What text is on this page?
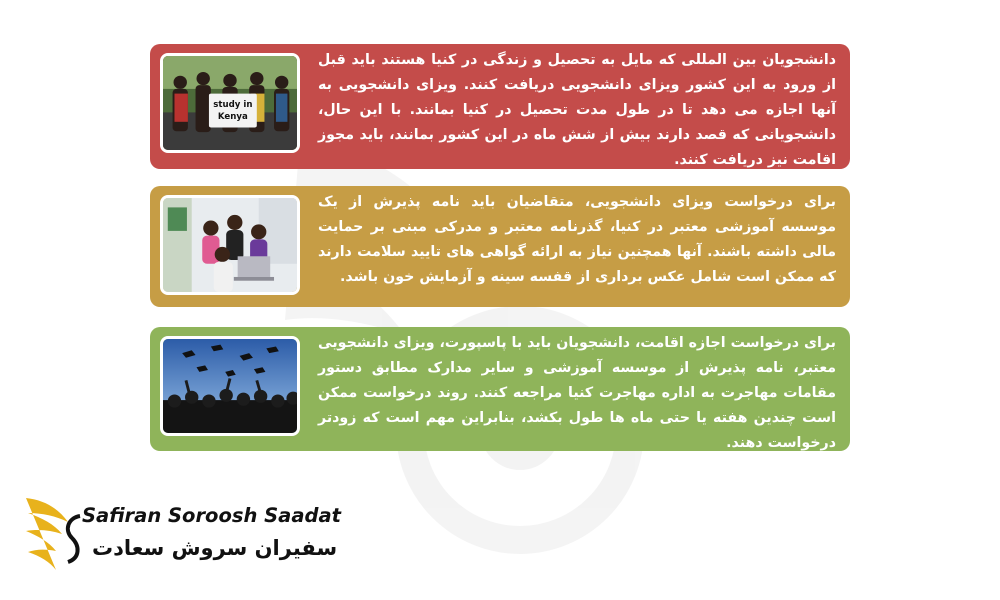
study in
Kenya
دانشجویان بین المللی که مایل به تحصیل و زندگی در کنیا هستند باید قبل از ورود به این کشور ویزای دانشجویی دریافت کنند. ویزای دانشجویی به آنها اجازه می دهد تا در طول مدت تحصیل در کنیا بمانند. با این حال، دانشجویانی که قصد دارند بیش از شش ماه در این کشور بمانند، باید مجوز اقامت نیز دریافت کنند.
برای درخواست ویزای دانشجویی، متقاضیان باید نامه پذیرش از یک موسسه آموزشی معتبر در کنیا، گذرنامه معتبر و مدرکی مبنی بر حمایت مالی داشته باشند. آنها همچنین نیاز به ارائه گواهی های تایید سلامت دارند که ممکن است شامل عکس برداری از قفسه سینه و آزمایش خون باشد.
برای درخواست اجازه اقامت، دانشجویان باید با پاسپورت، ویزای دانشجویی معتبر، نامه پذیرش از موسسه آموزشی و سایر مدارک مطابق دستور مقامات مهاجرت به اداره مهاجرت کنیا مراجعه کنند. روند درخواست ممکن است چندین هفته یا حتی ماه ها طول بکشد، بنابراین مهم است که زودتر درخواست دهند.
Safiran Soroosh Saadat
سفیران سروش سعادت
